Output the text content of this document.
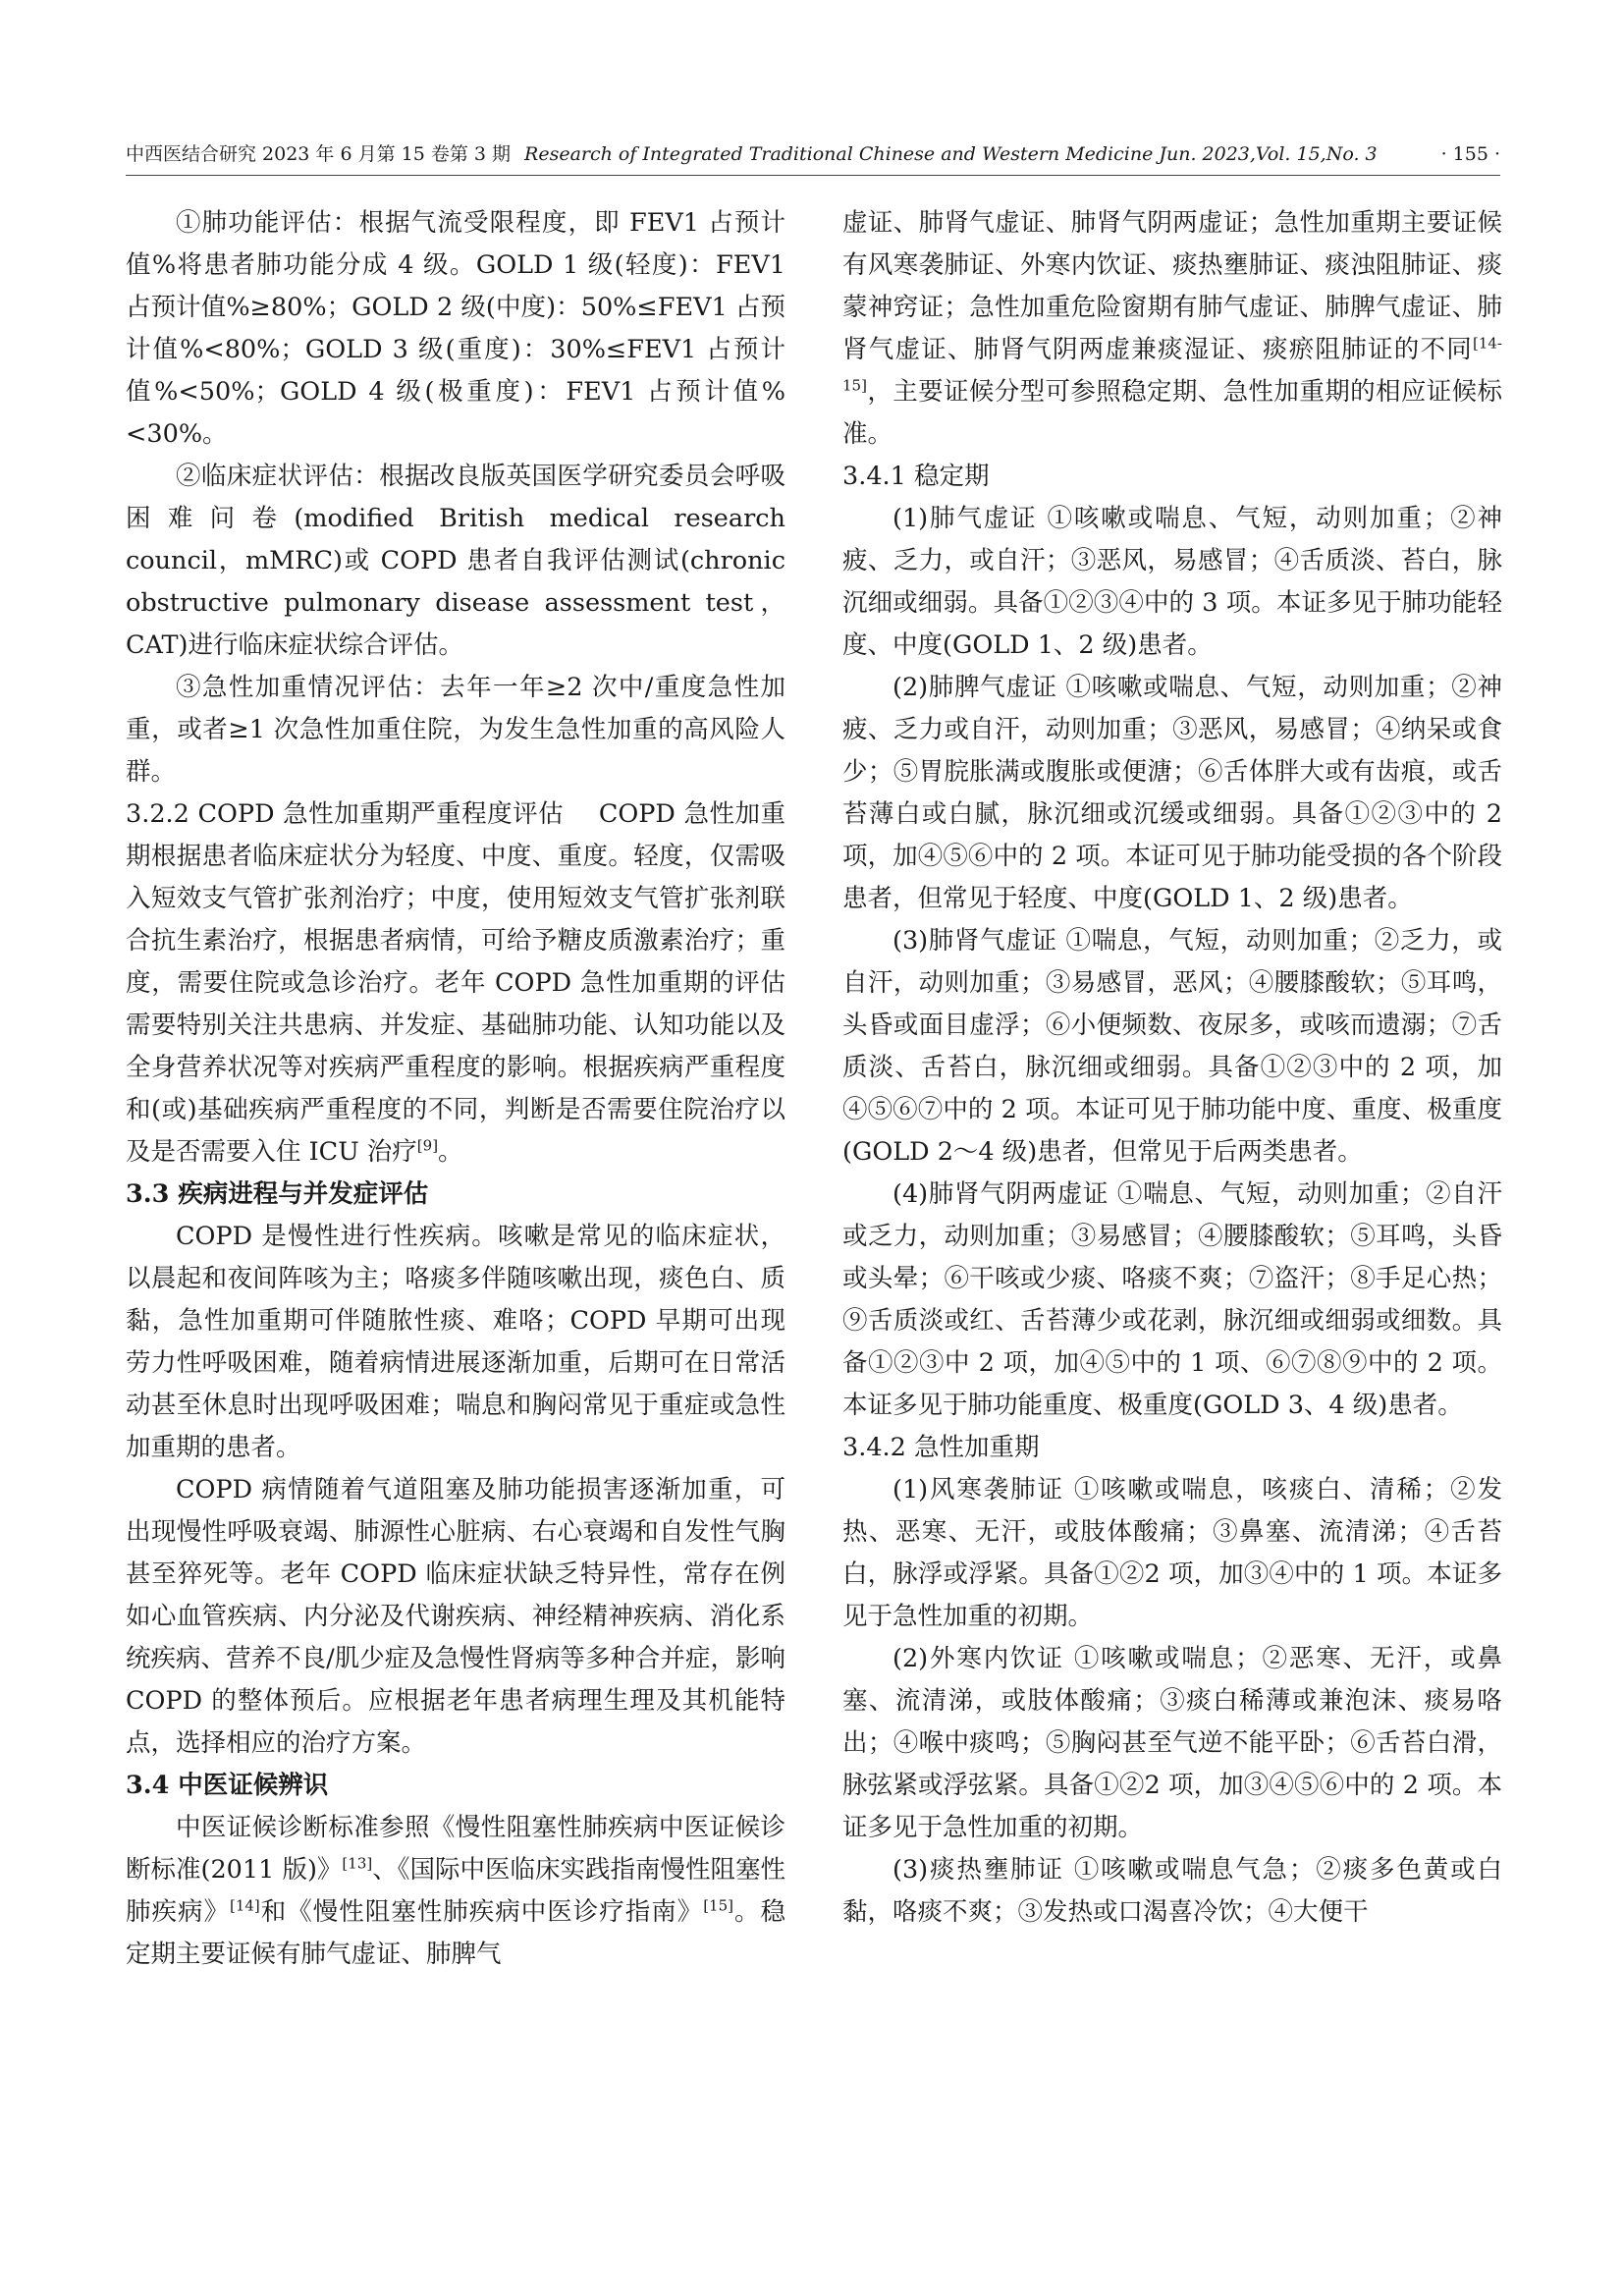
中西医结合研究 2023 年 6 月第 15 卷第 3 期 Research of Integrated Traditional Chinese and Western Medicine Jun. 2023,Vol. 15,No. 3	· 155 ·

①肺功能评估：根据气流受限程度，即 FEV1 占预计值%将患者肺功能分成 4 级。GOLD 1 级(轻度)：FEV1 占预计值%≥80%；GOLD 2 级(中度)：50%≤FEV1 占预计值%<80%；GOLD 3 级(重度)：30%≤FEV1 占预计值%<50%；GOLD 4 级(极重度)：FEV1 占预计值%<30%。

②临床症状评估：根据改良版英国医学研究委员会呼吸困难问卷(modified British medical research council，mMRC)或 COPD 患者自我评估测试(chronic obstructive pulmonary disease assessment test，CAT)进行临床症状综合评估。

③急性加重情况评估：去年一年≥2 次中/重度急性加重，或者≥1 次急性加重住院，为发生急性加重的高风险人群。

3.2.2 COPD 急性加重期严重程度评估 COPD 急性加重期根据患者临床症状分为轻度、中度、重度。轻度，仅需吸入短效支气管扩张剂治疗；中度，使用短效支气管扩张剂联合抗生素治疗，根据患者病情，可给予糖皮质激素治疗；重度，需要住院或急诊治疗。老年 COPD 急性加重期的评估需要特别关注共患病、并发症、基础肺功能、认知功能以及全身营养状况等对疾病严重程度的影响。根据疾病严重程度和(或)基础疾病严重程度的不同，判断是否需要住院治疗以及是否需要入住 ICU 治疗[9]。

3.3 疾病进程与并发症评估

COPD 是慢性进行性疾病。咳嗽是常见的临床症状，以晨起和夜间阵咳为主；咯痰多伴随咳嗽出现，痰色白、质黏，急性加重期可伴随脓性痰、难咯；COPD 早期可出现劳力性呼吸困难，随着病情进展逐渐加重，后期可在日常活动甚至休息时出现呼吸困难；喘息和胸闷常见于重症或急性加重期的患者。

COPD 病情随着气道阻塞及肺功能损害逐渐加重，可出现慢性呼吸衰竭、肺源性心脏病、右心衰竭和自发性气胸甚至猝死等。老年 COPD 临床症状缺乏特异性，常存在例如心血管疾病、内分泌及代谢疾病、神经精神疾病、消化系统疾病、营养不良/肌少症及急慢性肾病等多种合并症，影响 COPD 的整体预后。应根据老年患者病理生理及其机能特点，选择相应的治疗方案。

3.4 中医证候辨识

中医证候诊断标准参照《慢性阻塞性肺疾病中医证候诊断标准(2011 版)》[13]、《国际中医临床实践指南慢性阻塞性肺疾病》[14]和《慢性阻塞性肺疾病中医诊疗指南》[15]。稳定期主要证候有肺气虚证、肺脾气

虚证、肺肾气虚证、肺肾气阴两虚证；急性加重期主要证候有风寒袭肺证、外寒内饮证、痰热壅肺证、痰浊阻肺证、痰蒙神窍证；急性加重危险窗期有肺气虚证、肺脾气虚证、肺肾气虚证、肺肾气阴两虚兼痰湿证、痰瘀阻肺证的不同[14-15]，主要证候分型可参照稳定期、急性加重期的相应证候标准。

3.4.1 稳定期

(1)肺气虚证 ①咳嗽或喘息、气短，动则加重；②神疲、乏力，或自汗；③恶风，易感冒；④舌质淡、苔白，脉沉细或细弱。具备①②③④中的 3 项。本证多见于肺功能轻度、中度(GOLD 1、2 级)患者。

(2)肺脾气虚证 ①咳嗽或喘息、气短，动则加重；②神疲、乏力或自汗，动则加重；③恶风，易感冒；④纳呆或食少；⑤胃脘胀满或腹胀或便溏；⑥舌体胖大或有齿痕，或舌苔薄白或白腻，脉沉细或沉缓或细弱。具备①②③中的 2 项，加④⑤⑥中的 2 项。本证可见于肺功能受损的各个阶段患者，但常见于轻度、中度(GOLD 1、2 级)患者。

(3)肺肾气虚证 ①喘息，气短，动则加重；②乏力，或自汗，动则加重；③易感冒，恶风；④腰膝酸软；⑤耳鸣，头昏或面目虚浮；⑥小便频数、夜尿多，或咳而遗溺；⑦舌质淡、舌苔白，脉沉细或细弱。具备①②③中的 2 项，加④⑤⑥⑦中的 2 项。本证可见于肺功能中度、重度、极重度(GOLD 2～4 级)患者，但常见于后两类患者。

(4)肺肾气阴两虚证 ①喘息、气短，动则加重；②自汗或乏力，动则加重；③易感冒；④腰膝酸软；⑤耳鸣，头昏或头晕；⑥干咳或少痰、咯痰不爽；⑦盗汗；⑧手足心热；⑨舌质淡或红、舌苔薄少或花剥，脉沉细或细弱或细数。具备①②③中 2 项，加④⑤中的 1 项、⑥⑦⑧⑨中的 2 项。本证多见于肺功能重度、极重度(GOLD 3、4 级)患者。

3.4.2 急性加重期

(1)风寒袭肺证 ①咳嗽或喘息，咳痰白、清稀；②发热、恶寒、无汗，或肢体酸痛；③鼻塞、流清涕；④舌苔白，脉浮或浮紧。具备①②2 项，加③④中的 1 项。本证多见于急性加重的初期。

(2)外寒内饮证 ①咳嗽或喘息；②恶寒、无汗，或鼻塞、流清涕，或肢体酸痛；③痰白稀薄或兼泡沫、痰易咯出；④喉中痰鸣；⑤胸闷甚至气逆不能平卧；⑥舌苔白滑，脉弦紧或浮弦紧。具备①②2 项，加③④⑤⑥中的 2 项。本证多见于急性加重的初期。

(3)痰热壅肺证 ①咳嗽或喘息气急；②痰多色黄或白黏，咯痰不爽；③发热或口渴喜冷饮；④大便干
